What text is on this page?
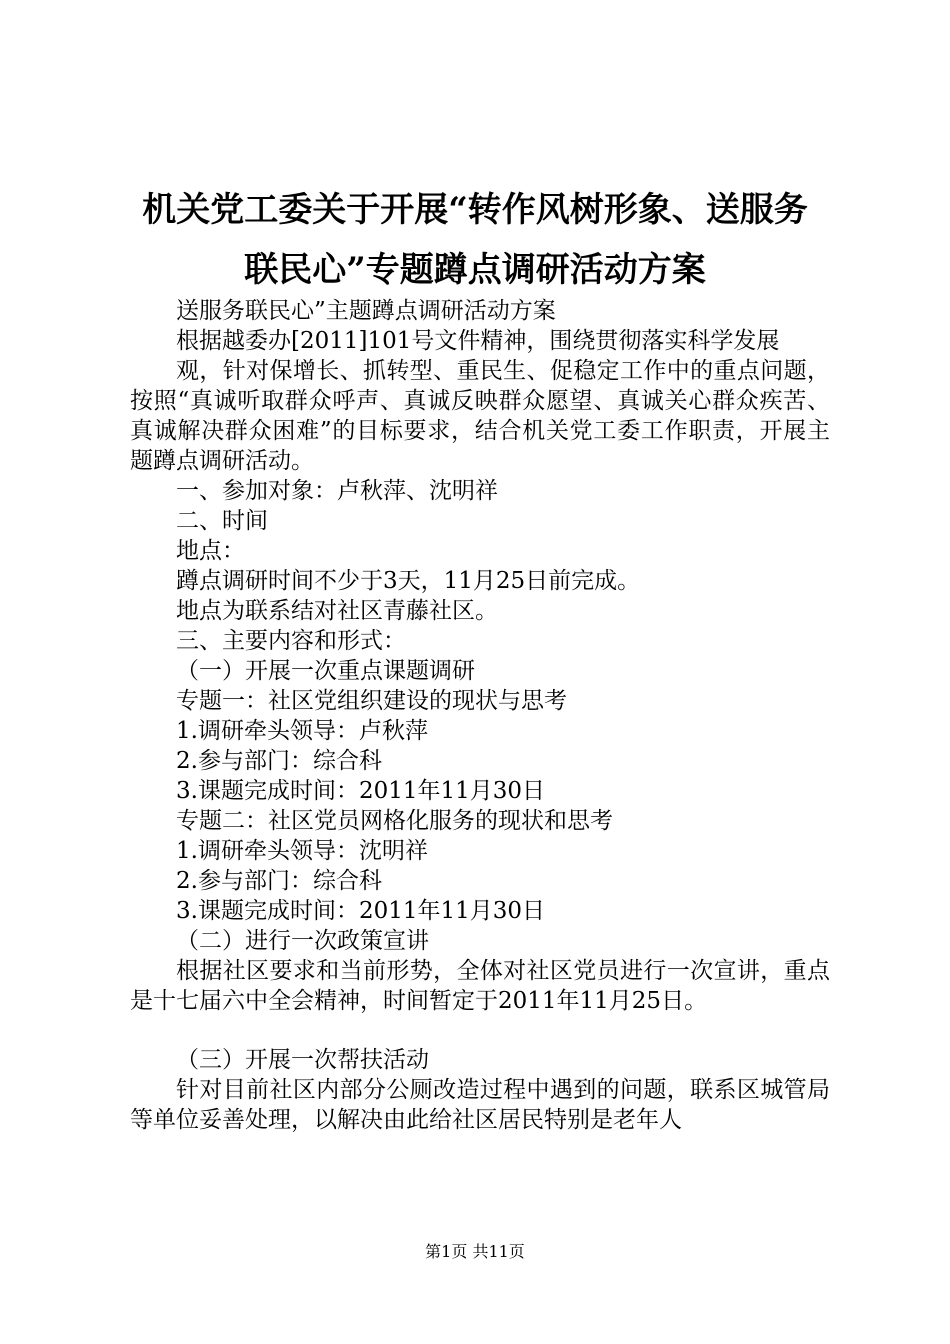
机关党工委关于开展“转作风树形象、送服务
联民心”专题蹲点调研活动方案

送服务联民心”主题蹲点调研活动方案

根据越委办[2011]101号文件精神，围绕贯彻落实科学发展

观，针对保增长、抓转型、重民生、促稳定工作中的重点问题，按照“真诚听取群众呼声、真诚反映群众愿望、真诚关心群众疾苦、真诚解决群众困难”的目标要求，结合机关党工委工作职责，开展主题蹲点调研活动。

一、参加对象：卢秋萍、沈明祥

二、时间

地点：

蹲点调研时间不少于3天，11月25日前完成。

地点为联系结对社区青藤社区。

三、主要内容和形式：

（一）开展一次重点课题调研

专题一：社区党组织建设的现状与思考

1.调研牵头领导：卢秋萍

2.参与部门：综合科

3.课题完成时间：2011年11月30日

专题二：社区党员网格化服务的现状和思考

1.调研牵头领导：沈明祥

2.参与部门：综合科

3.课题完成时间：2011年11月30日

（二）进行一次政策宣讲

根据社区要求和当前形势，全体对社区党员进行一次宣讲，重点是十七届六中全会精神，时间暂定于2011年11月25日。

（三）开展一次帮扶活动

针对目前社区内部分公厕改造过程中遇到的问题，联系区城管局等单位妥善处理，以解决由此给社区居民特别是老年人

第1页 共11页
